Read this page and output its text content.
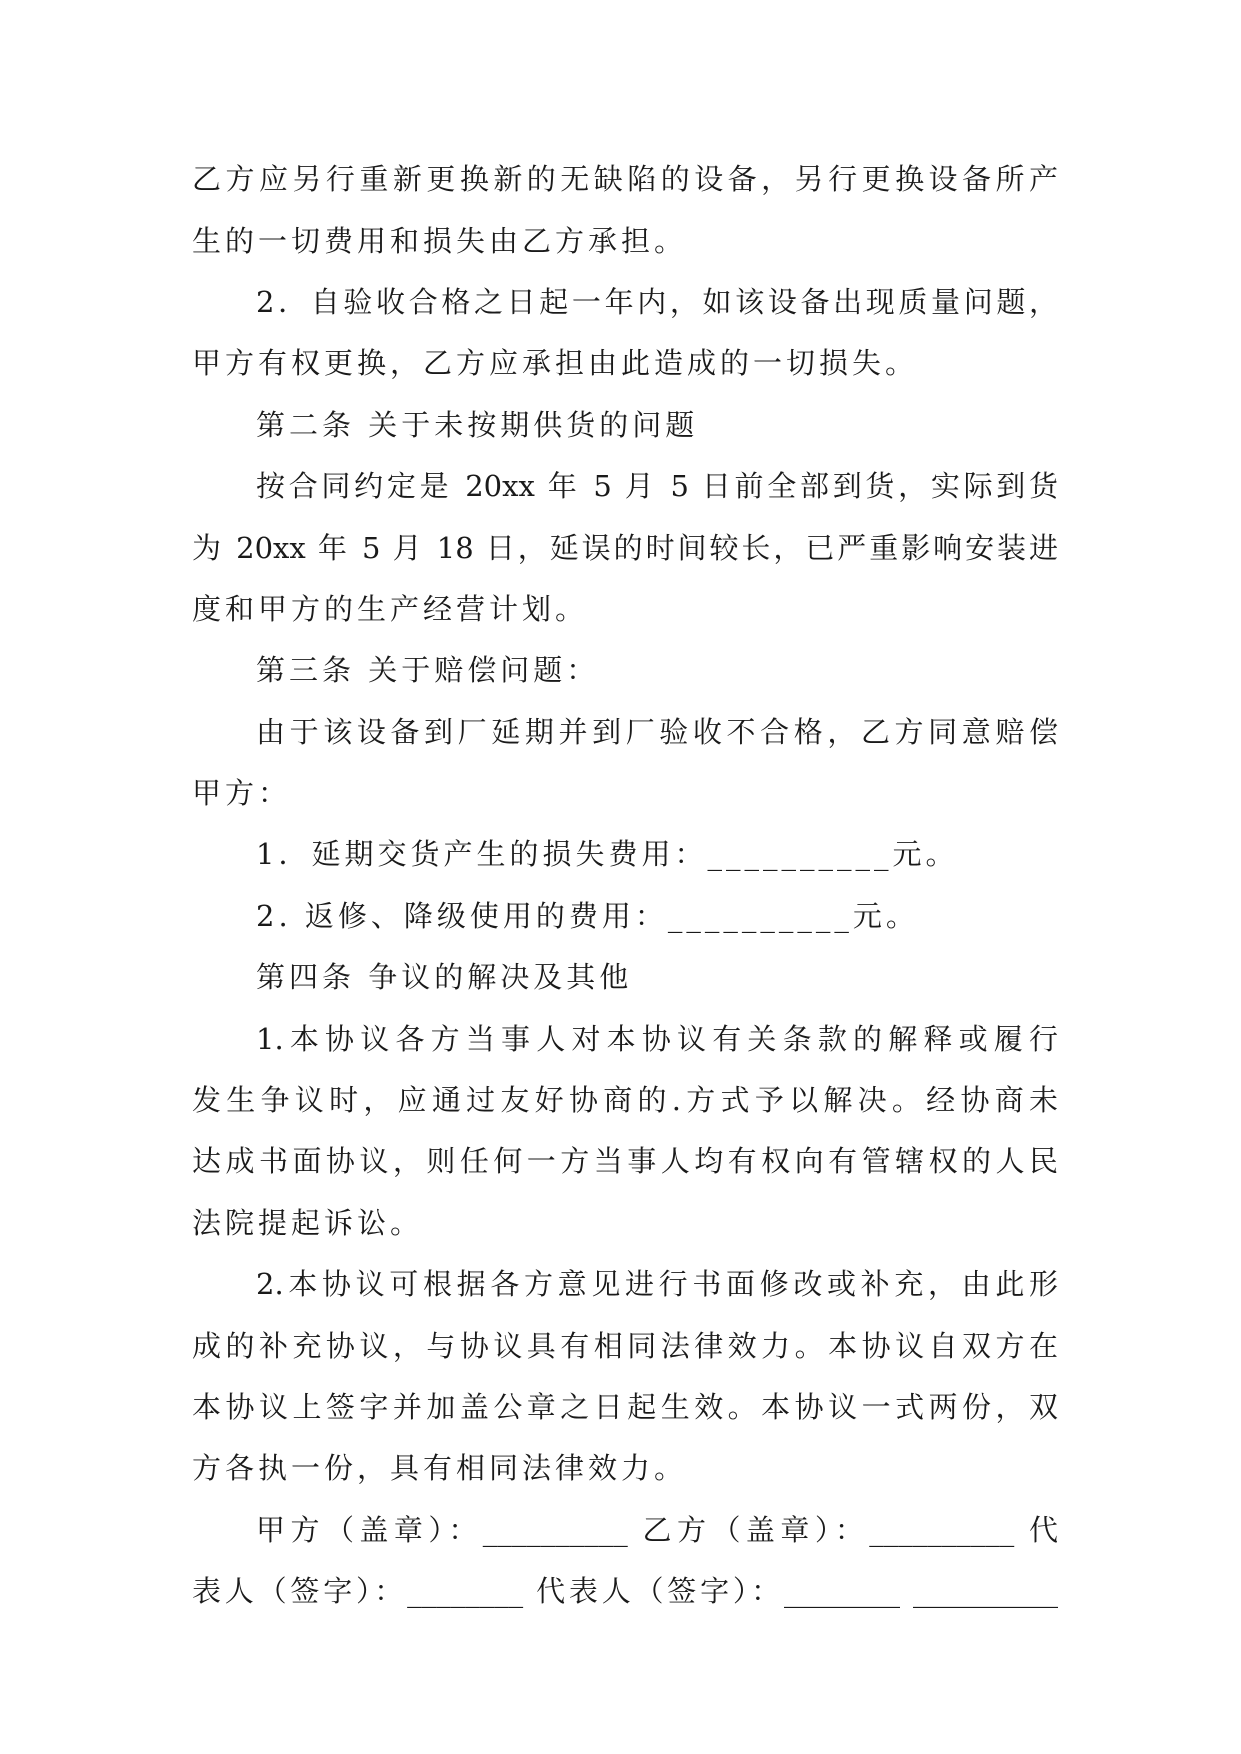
乙方应另行重新更换新的无缺陷的设备，另行更换设备所产
生的一切费用和损失由乙方承担。
2．自验收合格之日起一年内，如该设备出现质量问题，
甲方有权更换，乙方应承担由此造成的一切损失。
第二条 关于未按期供货的问题
按合同约定是 20xx 年 5 月 5 日前全部到货，实际到货
为 20xx 年 5 月 18 日，延误的时间较长，已严重影响安装进
度和甲方的生产经营计划。
第三条 关于赔偿问题：
由于该设备到厂延期并到厂验收不合格，乙方同意赔偿
甲方：
1．延期交货产生的损失费用：__________元。
2. 返修、降级使用的费用：__________元。
第四条 争议的解决及其他
1.本协议各方当事人对本协议有关条款的解释或履行
发生争议时，应通过友好协商的.方式予以解决。经协商未
达成书面协议，则任何一方当事人均有权向有管辖权的人民
法院提起诉讼。
2.本协议可根据各方意见进行书面修改或补充，由此形
成的补充协议，与协议具有相同法律效力。本协议自双方在
本协议上签字并加盖公章之日起生效。本协议一式两份，双
方各执一份，具有相同法律效力。
甲方（盖章）：__________ 乙方（盖章）：__________ 代
表人（签字）：________ 代表人（签字）：________ __________
